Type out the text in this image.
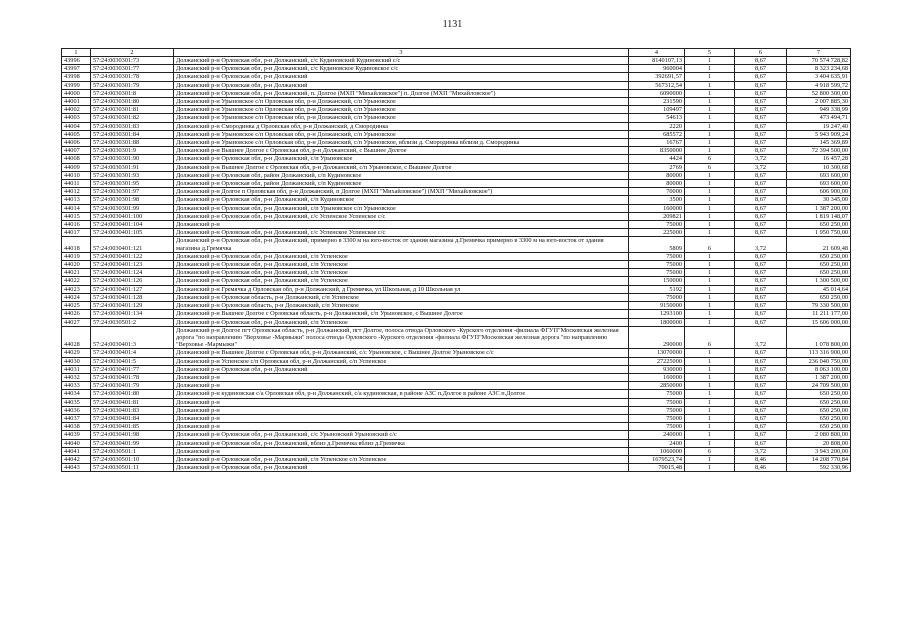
1131
1	2	3	4	5	6	7
43996	57:24:0030301:73	Должанский р-н Орловская обл, р-н Должанский, с/с Кудиновский Кудиновский с/с	8140107,13	1	8,67	70 574 728,82
43997	57:24:0030301:77	Должанский р-н Орловская обл, р-н Должанский, с/с Кудиновское Кудиновское с/с	960004	1	8,67	8 323 234,68
43998	57:24:0030301:78	Должанский р-н Орловская обл, р-н Должанский	392691,57	1	8,67	3 404 635,91
43999	57:24:0030301:79	Должанский р-н Орловская обл, р-н Должанский	567312,54	1	8,67	4 918 599,72
44000	57:24:0030301:8	Должанский р-н Орловская обл, р-н Должанский, п. Долгое (МХП "Михайловское") п. Долгое (МХП "Михайловское")	6090000	1	8,67	52 800 300,00
44001	57:24:0030301:80	Должанский р-н Урыновское с/п Орловская обл, р-н Должанский, с/п Урыновское	231590	1	8,67	2 007 885,30
44002	57:24:0030301:81	Должанский р-н Урыновское с/п Орловская обл, р-н Должанский, с/п Урыновское	109497	1	8,67	949 338,99
44003	57:24:0030301:82	Должанский р-н Урыновское с/п Орловская обл, р-н Должанский, с/п Урыновское	54613	1	8,67	473 494,71
44004	57:24:0030301:83	Должанский р-н Смородинка д Орловская обл, р-н Должанский, д Смородинка	2220	1	8,67	19 247,40
44005	57:24:0030301:84	Должанский р-н Урыновское с/п Орловская обл, р-н Должанский, с/п Урыновское	685572	1	8,67	5 943 909,24
44006	57:24:0030301:88	Должанский р-н Урыновское с/п Орловская обл, р-н Должанский, с/п Урыновское, вблизи д. Смородинка вблизи д. Смородинка	16767	1	8,67	145 369,89
44007	57:24:0030301:9	Должанский р-н Вышнее Долгое с Орловская обл, р-н Должанский, с Вышнее Долгое	8350000	1	8,67	72 394 500,00
44008	57:24:0030301:90	Должанский р-н Орловская обл, р-н Должанский, с/п Урыновское	4424	6	3,72	16 457,28
44009	57:24:0030301:91	Должанский р-н Вышнее Долгое с Орловская обл, р-н Должанский, с/п Урыновское, с Вышнее Долгое	2769	6	3,72	10 300,68
44010	57:24:0030301:93	Должанский р-н Орловская обл, район Должанский, с/п Кудиновское	80000	1	8,67	693 600,00
44011	57:24:0030301:95	Должанский р-н Орловская обл, район Должанский, с/п Кудиновское	80000	1	8,67	693 600,00
44012	57:24:0030301:97	Должанский р-н Долгое п Орловская обл, р-н Должанский, п Долгое (МХП "Михайловское") (МХП "Михайловское")	70000	1	8,67	606 900,00
44013	57:24:0030301:98	Должанский р-н Орловская обл, р-н Должанский, с/п Кудиновское	3500	1	8,67	30 345,00
44014	57:24:0030301:99	Должанский р-н Орловская обл, р-н Должанский, с/п Урыновское с/п Урыновское	160000	1	8,67	1 387 200,00
44015	57:24:0030401:100	Должанский р-н Орловская обл, р-н Должанский, с/с Успенское Успенское с/с	209821	1	8,67	1 819 148,07
44016	57:24:0030401:104	Должанский р-н	75000	1	8,67	650 250,00
44017	57:24:0030401:105	Должанский р-н Орловская обл, р-н Должанский, с/с Успенское Успенское с/с	225000	1	8,67	1 950 750,00
44018	57:24:0030401:121	Должанский р-н Орловская обл, р-н Должанский, примерно в 3300 м на юго-восток от здания магазина д.Гремячка примерно в 3300 м на юго-восток от здания магазина д.Гремячка	5809	6	3,72	21 609,48
44019	57:24:0030401:122	Должанский р-н Орловская обл, р-н Должанский, с/п Успенское	75000	1	8,67	650 250,00
44020	57:24:0030401:123	Должанский р-н Орловская обл, р-н Должанский, с/п Успенское	75000	1	8,67	650 250,00
44021	57:24:0030401:124	Должанский р-н Орловская обл, р-н Должанский, с/п Успенское	75000	1	8,67	650 250,00
44022	57:24:0030401:126	Должанский р-н Орловская обл, р-н Должанский, с/п Успенское	150000	1	8,67	1 300 500,00
44023	57:24:0030401:127	Должанский р-н Гремячка д Орловская обл, р-н Должанский, д Гремячка, ул Школьная, д 10 Школьная ул	5192	1	8,67	45 014,64
44024	57:24:0030401:128	Должанский р-н Орловская область, р-н Должанский, с/п Успенское	75000	1	8,67	650 250,00
44025	57:24:0030401:129	Должанский р-н Орловская область, р-н Должанский, с/п Успенское	9150000	1	8,67	79 330 500,00
44026	57:24:0030401:134	Должанский р-н Вышнее Долгое с Орловская область, р-н Должанский, с/п Урыновское, с Вышнее Долгое	1293100	1	8,67	11 211 177,00
44027	57:24:0030501:2	Должанский р-н Орловская обл, р-н Должанский, с/п Успенское	1800000	1	8,67	15 606 000,00
44028	57:24:0030401:3	Должанский р-н Долгое пгт Орловская область, р-н Должанский, пгт Долгое, полоса отвода Орловского -Курского отделения -филиала ФГУП"Московская железная дорога "по направлению "Верховье -Мармыжи" полоса отвода Орловского -Курского отделения -филиала ФГУП"Московская железная дорога "по направлению "Верховье -Мармыжи"	290000	6	3,72	1 078 800,00
44029	57:24:0030401:4	Должанский р-н Вышнее Долгое с Орловская обл, р-н Должанский, с/с Урыновское, с Вышнее Долгое Урыновское с/с	13070000	1	8,67	113 316 900,00
44030	57:24:0030401:5	Должанский р-н Успенское с/п Орловская обл, р-н Должанский, с/п Успенское	27225000	1	8,67	236 040 750,00
44031	57:24:0030401:77	Должанский р-н Орловская обл, р-н Должанский	930000	1	8,67	8 063 100,00
44032	57:24:0030401:78	Должанский р-н	160000	1	8,67	1 387 200,00
44033	57:24:0030401:79	Должанский р-н	2850000	1	8,67	24 709 500,00
44034	57:24:0030401:80	Должанский р-н кудиновская с/а Орловская обл, р-н Должанский, с/а кудиновская, в районе АЗС п.Долгое в районе АЗС п.Долгое	75000	1	8,67	650 250,00
44035	57:24:0030401:81	Должанский р-н	75000	1	8,67	650 250,00
44036	57:24:0030401:83	Должанский р-н	75000	1	8,67	650 250,00
44037	57:24:0030401:84	Должанский р-н	75000	1	8,67	650 250,00
44038	57:24:0030401:85	Должанский р-н	75000	1	8,67	650 250,00
44039	57:24:0030401:98	Должанский р-н Орловская обл, р-н Должанский, с/с Урыновский Урыновский с/с	240000	1	8,67	2 080 800,00
44040	57:24:0030401:99	Должанский р-н Орловская обл, р-н Должанский, вблиз д.Гремячка вблиз д.Гремячка	2400	1	8,67	20 808,00
44041	57:24:0030501:1	Должанский р-н	1060000	6	3,72	3 943 200,00
44042	57:24:0030501:10	Должанский р-н Орловская обл, р-н Должанский, с/п Успенское с/п Успенское	1679523,74	1	8,46	14 208 770,84
44043	57:24:0030501:11	Должанский р-н Орловская обл, р-н Должанский	70015,48	1	8,46	592 330,96
